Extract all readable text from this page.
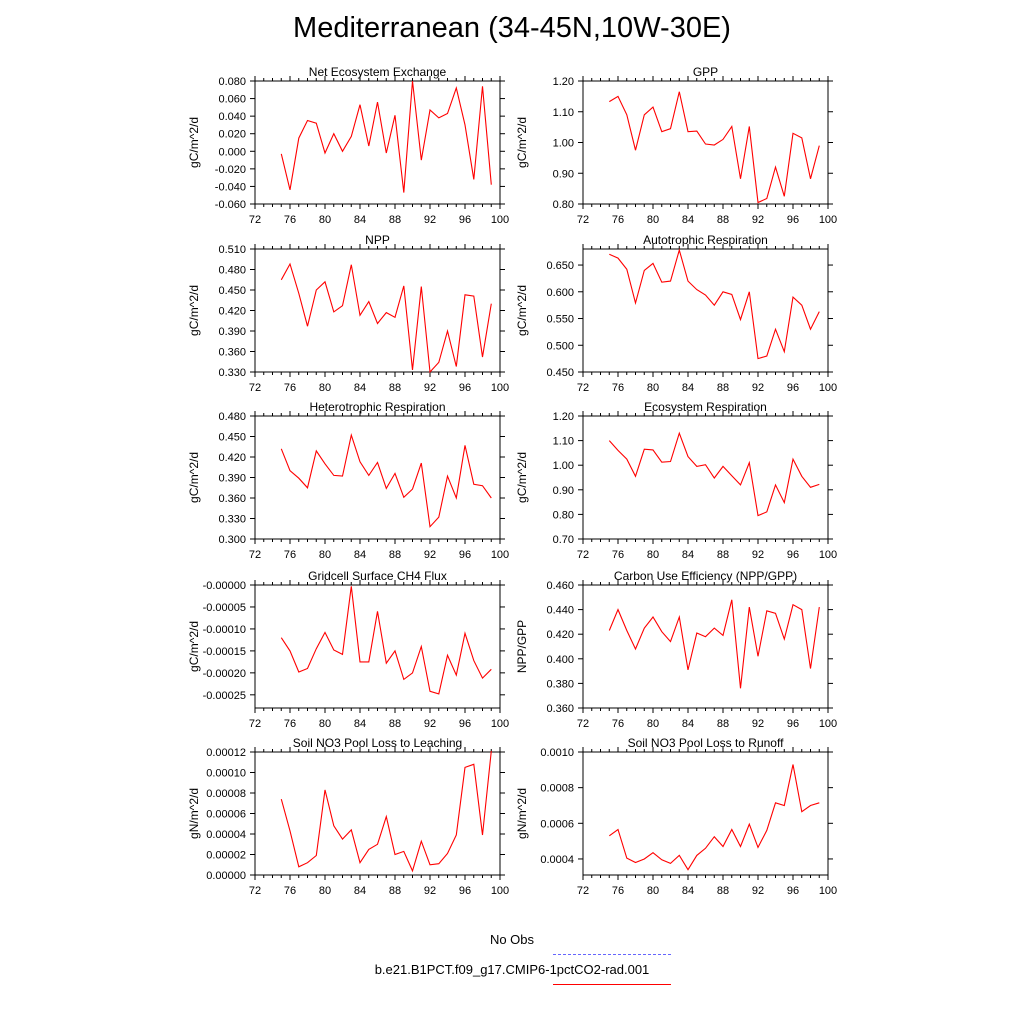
Mediterranean (34-45N,10W-30E)
Net Ecosystem Exchange
gC/m^2/d
72 76 80 84 88 92 96 100
-0.060
-0.040
-0.020
0.000
0.020
0.040
0.060
0.080
GPP
gC/m^2/d
72 76 80 84 88 92 96 100
0.80
0.90
1.00
1.10
1.20
NPP
gC/m^2/d
72 76 80 84 88 92 96 100
0.330
0.360
0.390
0.420
0.450
0.480
0.510
Autotrophic Respiration
gC/m^2/d
72 76 80 84 88 92 96 100
0.450
0.500
0.550
0.600
0.650
Heterotrophic Respiration
gC/m^2/d
72 76 80 84 88 92 96 100
0.300
0.330
0.360
0.390
0.420
0.450
0.480
Ecosystem Respiration
gC/m^2/d
72 76 80 84 88 92 96 100
0.70
0.80
0.90
1.00
1.10
1.20
Gridcell Surface CH4 Flux
gC/m^2/d
72 76 80 84 88 92 96 100
-0.00025
-0.00020
-0.00015
-0.00010
-0.00005
-0.00000
Carbon Use Efficiency (NPP/GPP)
NPP/GPP
72 76 80 84 88 92 96 100
0.360
0.380
0.400
0.420
0.440
0.460
Soil NO3 Pool Loss to Leaching
gN/m^2/d
72 76 80 84 88 92 96 100
0.00000
0.00002
0.00004
0.00006
0.00008
0.00010
0.00012
Soil NO3 Pool Loss to Runoff
gN/m^2/d
72 76 80 84 88 92 96 100
0.0004
0.0006
0.0008
0.0010
No Obs
b.e21.B1PCT.f09_g17.CMIP6-1pctCO2-rad.001
